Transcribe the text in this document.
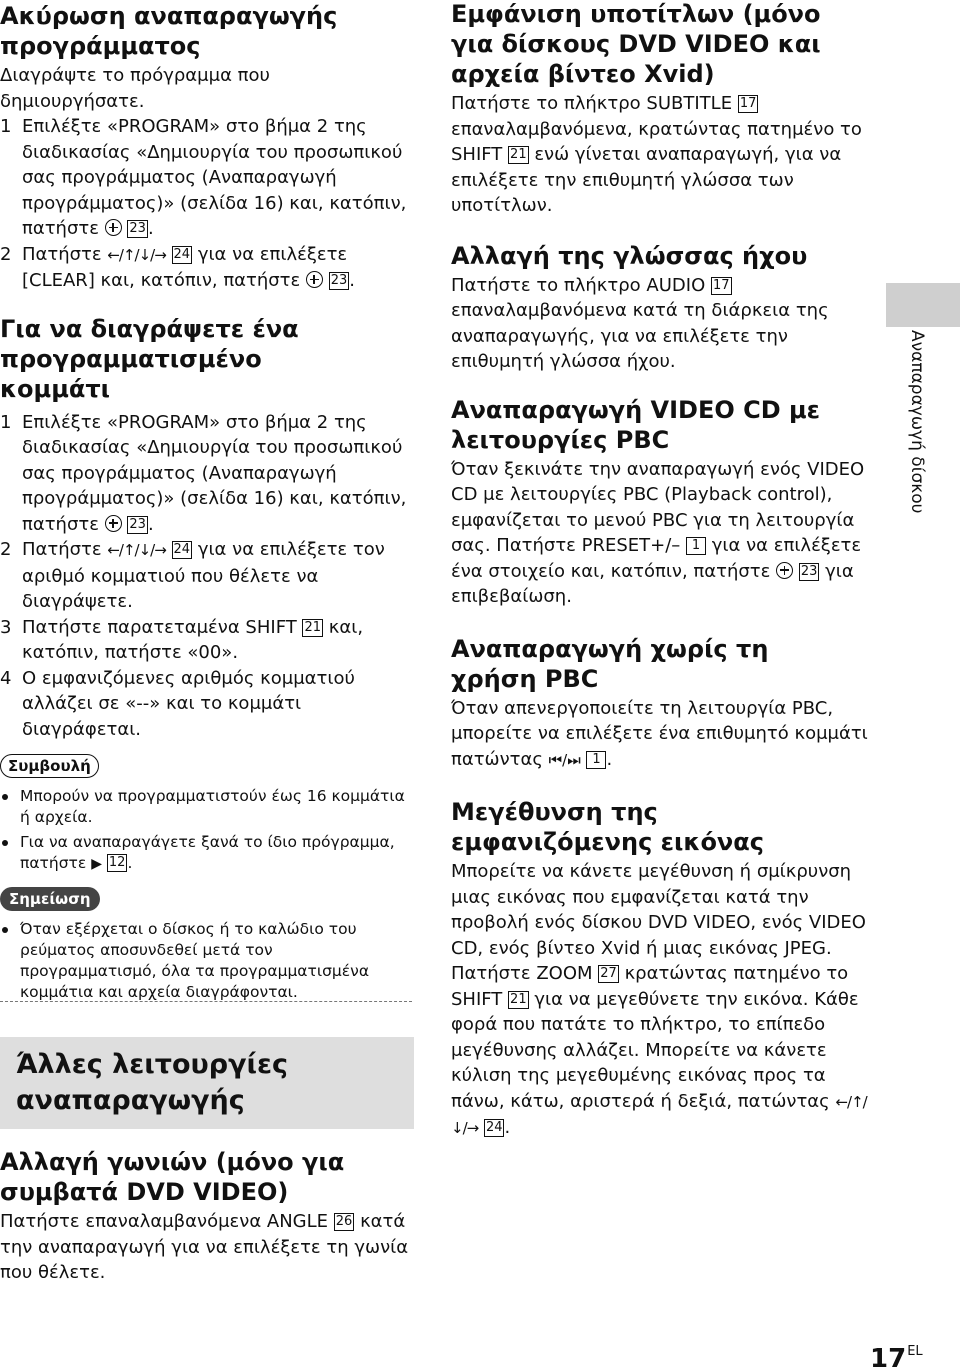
Ακύρωση αναπαραγωγής προγράμματος
Διαγράψτε το πρόγραμμα που δημιουργήσατε.
1 Επιλέξτε «PROGRAM» στο βήμα 2 της διαδικασίας «Δημιουργία του προσωπικού σας προγράμματος (Αναπαραγωγή προγράμματος)» (σελίδα 16) και, κατόπιν, πατήστε 23 .
2 Πατήστε ←/↑/↓/→ 24 για να επιλέξετε [CLEAR] και, κατόπιν, πατήστε 23 .
Για να διαγράψετε ένα προγραμματισμένο κομμάτι
1 Επιλέξτε «PROGRAM» στο βήμα 2 της διαδικασίας «Δημιουργία του προσωπικού σας προγράμματος (Αναπαραγωγή προγράμματος)» (σελίδα 16) και, κατόπιν, πατήστε 23 .
2 Πατήστε ←/↑/↓/→ 24 για να επιλέξετε τον αριθμό κομματιού που θέλετε να διαγράψετε.
3 Πατήστε παρατεταμένα SHIFT 21 και, κατόπιν, πατήστε «00».
4 Ο εμφανιζόμενες αριθμός κομματιού αλλάζει σε «--» και το κομμάτι διαγράφεται.
Συμβουλή
Μπορούν να προγραμματιστούν έως 16 κομμάτια ή αρχεία.
Για να αναπαραγάγετε ξανά το ίδιο πρόγραμμα, πατήστε ▶ 12 .
Σημείωση
Όταν εξέρχεται ο δίσκος ή το καλώδιο του ρεύματος αποσυνδεθεί μετά τον προγραμματισμό, όλα τα προγραμματισμένα κομμάτια και αρχεία διαγράφονται.
Άλλες λειτουργίες αναπαραγωγής
Αλλαγή γωνιών (μόνο για συμβατά DVD VIDEO)
Πατήστε επαναλαμβανόμενα ANGLE 26 κατά την αναπαραγωγή για να επιλέξετε τη γωνία που θέλετε.
Εμφάνιση υποτίτλων (μόνο για δίσκους DVD VIDEO και αρχεία βίντεο Xvid)
Πατήστε το πλήκτρο SUBTITLE 17 επαναλαμβανόμενα, κρατώντας πατημένο το SHIFT 21 ενώ γίνεται αναπαραγωγή, για να επιλέξετε την επιθυμητή γλώσσα των υποτίτλων.
Αλλαγή της γλώσσας ήχου
Πατήστε το πλήκτρο AUDIO 17 επαναλαμβανόμενα κατά τη διάρκεια της αναπαραγωγής, για να επιλέξετε την επιθυμητή γλώσσα ήχου.
Αναπαραγωγή VIDEO CD με λειτουργίες PBC
Όταν ξεκινάτε την αναπαραγωγή ενός VIDEO CD με λειτουργίες PBC (Playback control), εμφανίζεται το μενού PBC για τη λειτουργία σας. Πατήστε PRESET+/– 1 για να επιλέξετε ένα στοιχείο και, κατόπιν, πατήστε 23 για επιβεβαίωση.
Αναπαραγωγή χωρίς τη χρήση PBC
Όταν απενεργοποιείτε τη λειτουργία PBC, μπορείτε να επιλέξετε ένα επιθυμητό κομμάτι πατώντας ⏮/⏭ 1 .
Μεγέθυνση της εμφανιζόμενης εικόνας
Μπορείτε να κάνετε μεγέθυνση ή σμίκρυνση μιας εικόνας που εμφανίζεται κατά την προβολή ενός δίσκου DVD VIDEO, ενός VIDEO CD, ενός βίντεο Xvid ή μιας εικόνας JPEG.
Πατήστε ZOOM 27 κρατώντας πατημένο το SHIFT 21 για να μεγεθύνετε την εικόνα. Κάθε φορά που πατάτε το πλήκτρο, το επίπεδο μεγέθυνσης αλλάζει. Μπορείτε να κάνετε κύλιση της μεγεθυμένης εικόνας προς τα πάνω, κάτω, αριστερά ή δεξιά, πατώντας ←/↑/↓/→ 24 .
Αναπαραγωγή δίσκου
$17^{EL}$
